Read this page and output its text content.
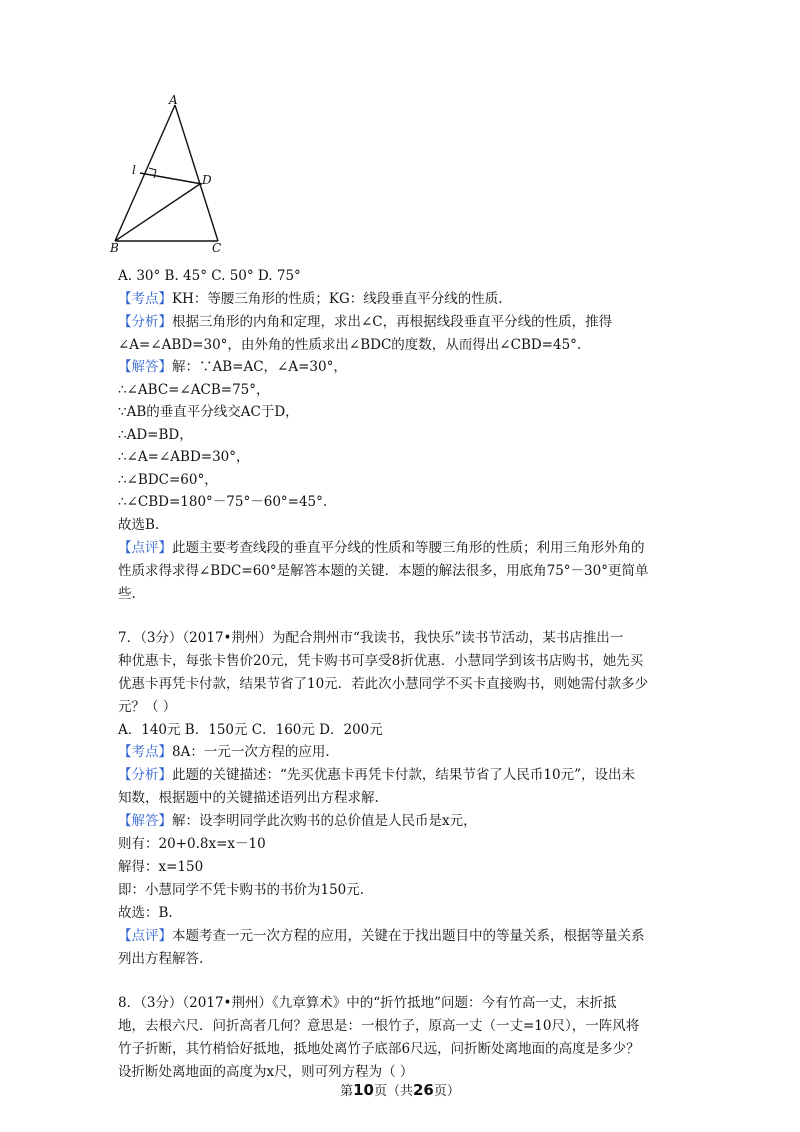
A
l
D
B	C
A. 30° B. 45° C. 50° D. 75°
【考点】KH：等腰三角形的性质；KG：线段垂直平分线的性质.
【分析】根据三角形的内角和定理，求出∠C，再根据线段垂直平分线的性质，推得
∠A=∠ABD=30°，由外角的性质求出∠BDC的度数，从而得出∠CBD=45°.
【解答】解：∵AB=AC，∠A=30°，
∴∠ABC=∠ACB=75°，
∵AB的垂直平分线交AC于D，
∴AD=BD，
∴∠A=∠ABD=30°，
∴∠BDC=60°，
∴∠CBD=180°－75°－60°=45°.
故选B.
【点评】此题主要考查线段的垂直平分线的性质和等腰三角形的性质；利用三角形外角的
性质求得求得∠BDC=60°是解答本题的关键．本题的解法很多，用底角75°－30°更简单
些.
7．（3分）（2017•荆州）为配合荆州市“我读书，我快乐”读书节活动，某书店推出一
种优惠卡，每张卡售价20元，凭卡购书可享受8折优惠．小慧同学到该书店购书，她先买
优惠卡再凭卡付款，结果节省了10元．若此次小慧同学不买卡直接购书，则她需付款多少
元？（ ）
A．140元 B．150元 C．160元 D．200元
【考点】8A：一元一次方程的应用.
【分析】此题的关键描述：“先买优惠卡再凭卡付款，结果节省了人民币10元”，设出未
知数，根据题中的关键描述语列出方程求解.
【解答】解：设李明同学此次购书的总价值是人民币是x元，
则有：20+0.8x=x－10
解得：x=150
即：小慧同学不凭卡购书的书价为150元.
故选：B.
【点评】本题考查一元一次方程的应用，关键在于找出题目中的等量关系，根据等量关系
列出方程解答.
8．（3分）（2017•荆州）《九章算术》中的“折竹抵地”问题：今有竹高一丈，末折抵
地，去根六尺．问折高者几何？意思是：一根竹子，原高一丈（一丈=10尺），一阵风将
竹子折断，其竹梢恰好抵地，抵地处离竹子底部6尺远，问折断处离地面的高度是多少？
设折断处离地面的高度为x尺，则可列方程为（ ）
第10页（共26页）
